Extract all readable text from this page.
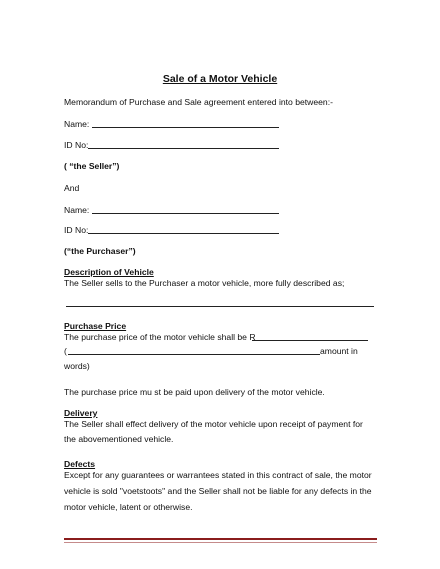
Sale of a Motor Vehicle
Memorandum of Purchase and Sale agreement entered into between:-
Name:
ID No:
( “the Seller”)
And
Name:
ID No:
(“the Purchaser”)
Description of Vehicle
The Seller sells to the Purchaser a motor vehicle, more fully described as;
Purchase Price
The purchase price of the motor vehicle shall be R
(	amount in
words)
The purchase price mu st be paid upon delivery of the motor vehicle.
Delivery
The Seller shall effect delivery of the motor vehicle upon receipt of payment for
the abovementioned vehicle.
Defects
Except for any guarantees or warrantees stated in this contract of sale, the motor
vehicle is sold "voetstoots" and the Seller shall not be liable for any defects in the
motor vehicle, latent or otherwise.
